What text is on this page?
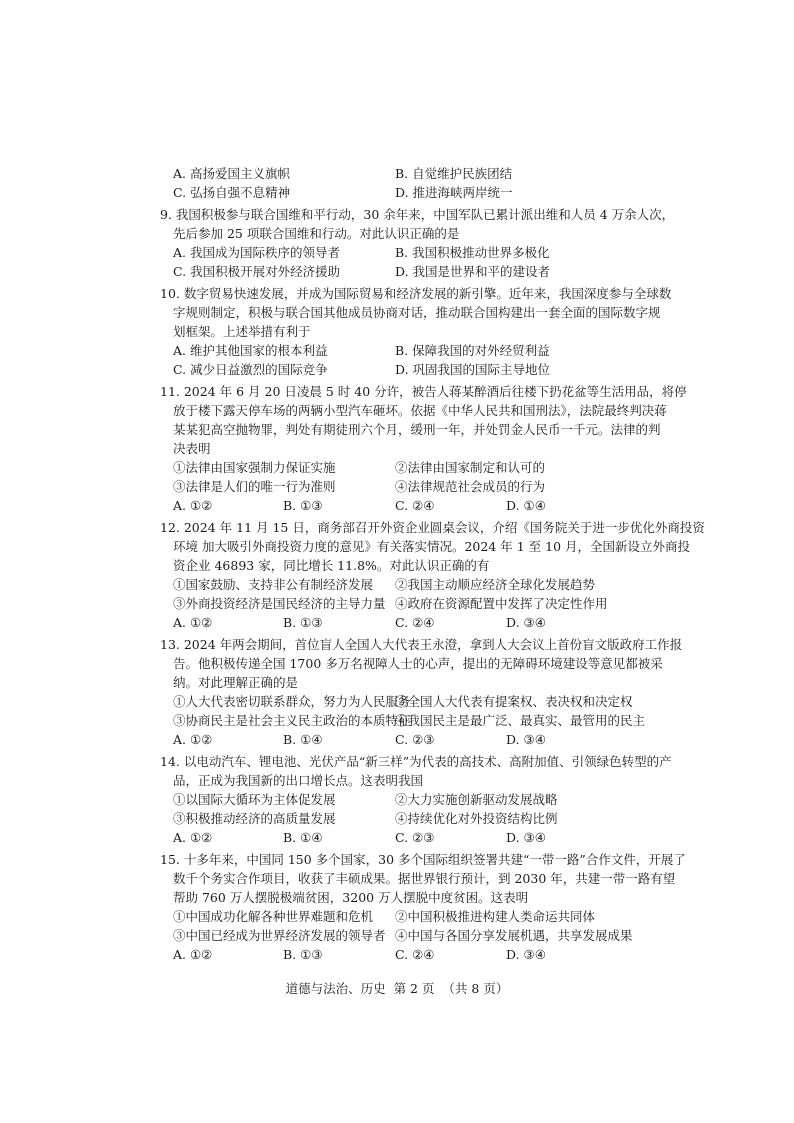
A. 高扬爱国主义旗帜	B. 自觉维护民族团结
C. 弘扬自强不息精神	D. 推进海峡两岸统一
9. 我国积极参与联合国维和平行动，30 余年来，中国军队已累计派出维和人员 4 万余人次，
先后参加 25 项联合国维和行动。对此认识正确的是
A. 我国成为国际秩序的领导者	B. 我国积极推动世界多极化
C. 我国积极开展对外经济援助	D. 我国是世界和平的建设者
10. 数字贸易快速发展，并成为国际贸易和经济发展的新引擎。近年来，我国深度参与全球数
字规则制定，积极与联合国其他成员协商对话，推动联合国构建出一套全面的国际数字规
划框架。上述举措有利于
A. 维护其他国家的根本利益	B. 保障我国的对外经贸利益
C. 减少日益激烈的国际竞争	D. 巩固我国的国际主导地位
11. 2024 年 6 月 20 日凌晨 5 时 40 分许，被告人蒋某醉酒后往楼下扔花盆等生活用品，将停
放于楼下露天停车场的两辆小型汽车砸坏。依据《中华人民共和国刑法》，法院最终判决蒋
某某犯高空抛物罪，判处有期徒刑六个月，缓刑一年，并处罚金人民币一千元。法律的判
决表明
①法律由国家强制力保证实施	②法律由国家制定和认可的
③法律是人们的唯一行为准则	④法律规范社会成员的行为
A. ①②	B. ①③	C. ②④	D. ①④
12. 2024 年 11 月 15 日，商务部召开外资企业圆桌会议，介绍《国务院关于进一步优化外商投资
环境 加大吸引外商投资力度的意见》有关落实情况。2024 年 1 至 10 月，全国新设立外商投
资企业 46893 家，同比增长 11.8%。对此认识正确的有
①国家鼓励、支持非公有制经济发展 ②我国主动顺应经济全球化发展趋势
③外商投资经济是国民经济的主导力量 ④政府在资源配置中发挥了决定性作用
A. ①②	B. ①③	C. ②④	D. ③④
13. 2024 年两会期间，首位盲人全国人大代表王永澄，拿到人大会议上首份盲文版政府工作报
告。他积极传递全国 1700 多万名视障人士的心声，提出的无障碍环境建设等意见都被采
纳。对此理解正确的是
①人大代表密切联系群众，努力为人民服务
②全国人大代表有提案权、表决权和决定权
③协商民主是社会主义民主政治的本质特征
④我国民主是最广泛、最真实、最管用的民主
A. ①②	B. ①④	C. ②③	D. ③④
14. 以电动汽车、锂电池、光伏产品“新三样”为代表的高技术、高附加值、引领绿色转型的产
品，正成为我国新的出口增长点。这表明我国
①以国际大循环为主体促发展	②大力实施创新驱动发展战略
③积极推动经济的高质量发展	④持续优化对外投资结构比例
A. ①②	B. ①④	C. ②③	D. ③④
15. 十多年来，中国同 150 多个国家，30 多个国际组织签署共建“一带一路”合作文件，开展了
数千个务实合作项目，收获了丰硕成果。据世界银行预计，到 2030 年，共建一带一路有望
帮助 760 万人摆脱极端贫困，3200 万人摆脱中度贫困。这表明
①中国成功化解各种世界难题和危机 ②中国积极推进构建人类命运共同体
③中国已经成为世界经济发展的领导者 ④中国与各国分享发展机遇，共享发展成果
A. ①②	B. ①③	C. ②④	D. ③④
道德与法治、历史  第 2 页  （共 8 页）
